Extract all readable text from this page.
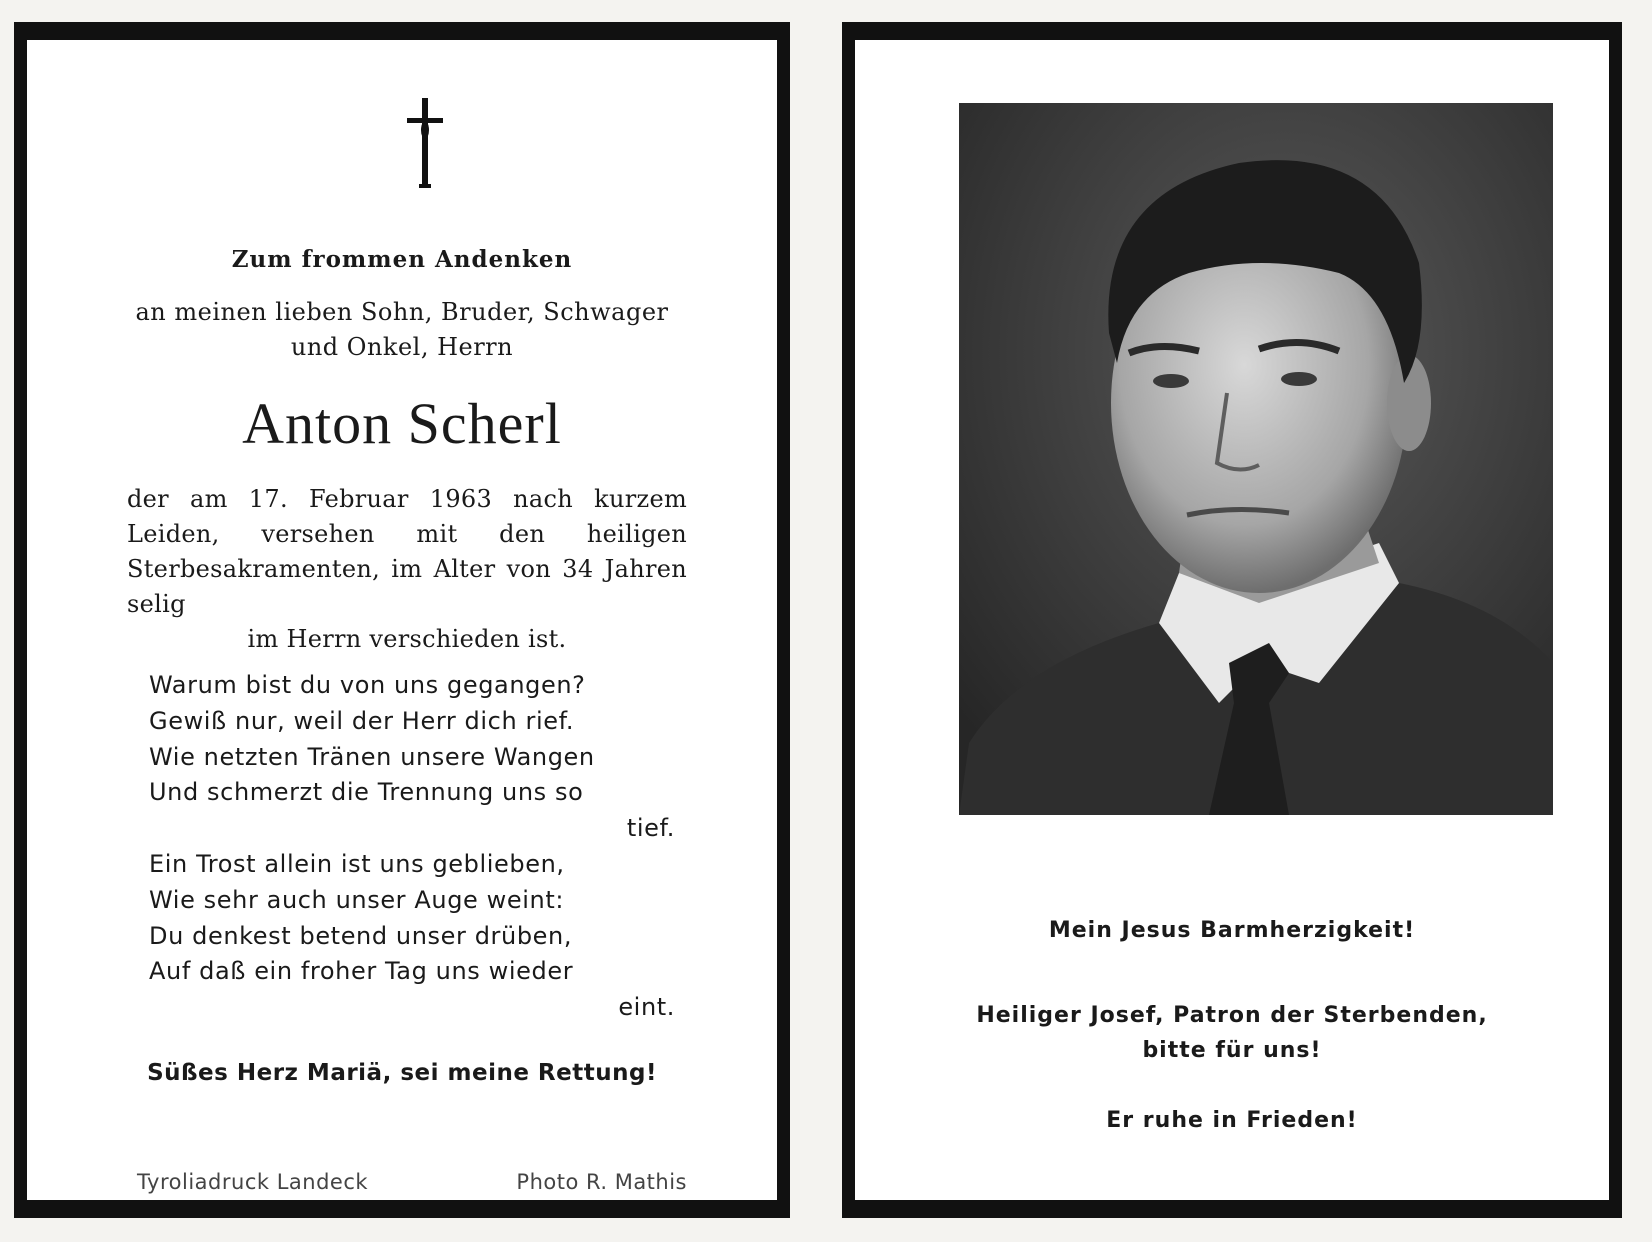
Zum frommen Andenken
an meinen lieben Sohn, Bruder, Schwager
und Onkel, Herrn
Anton Scherl
der am 17. Februar 1963 nach kurzem Leiden, versehen mit den heiligen Sterbesakramenten, im Alter von 34 Jahren selig
im Herrn verschieden ist.
Warum bist du von uns gegangen?
Gewiß nur, weil der Herr dich rief.
Wie netzten Tränen unsere Wangen
Und schmerzt die Trennung uns so
tief.
Ein Trost allein ist uns geblieben,
Wie sehr auch unser Auge weint:
Du denkest betend unser drüben,
Auf daß ein froher Tag uns wieder
eint.
Süßes Herz Mariä, sei meine Rettung!
Tyroliadruck Landeck	Photo R. Mathis
Mein Jesus Barmherzigkeit!
Heiliger Josef, Patron der Sterbenden,
bitte für uns!
Er ruhe in Frieden!
